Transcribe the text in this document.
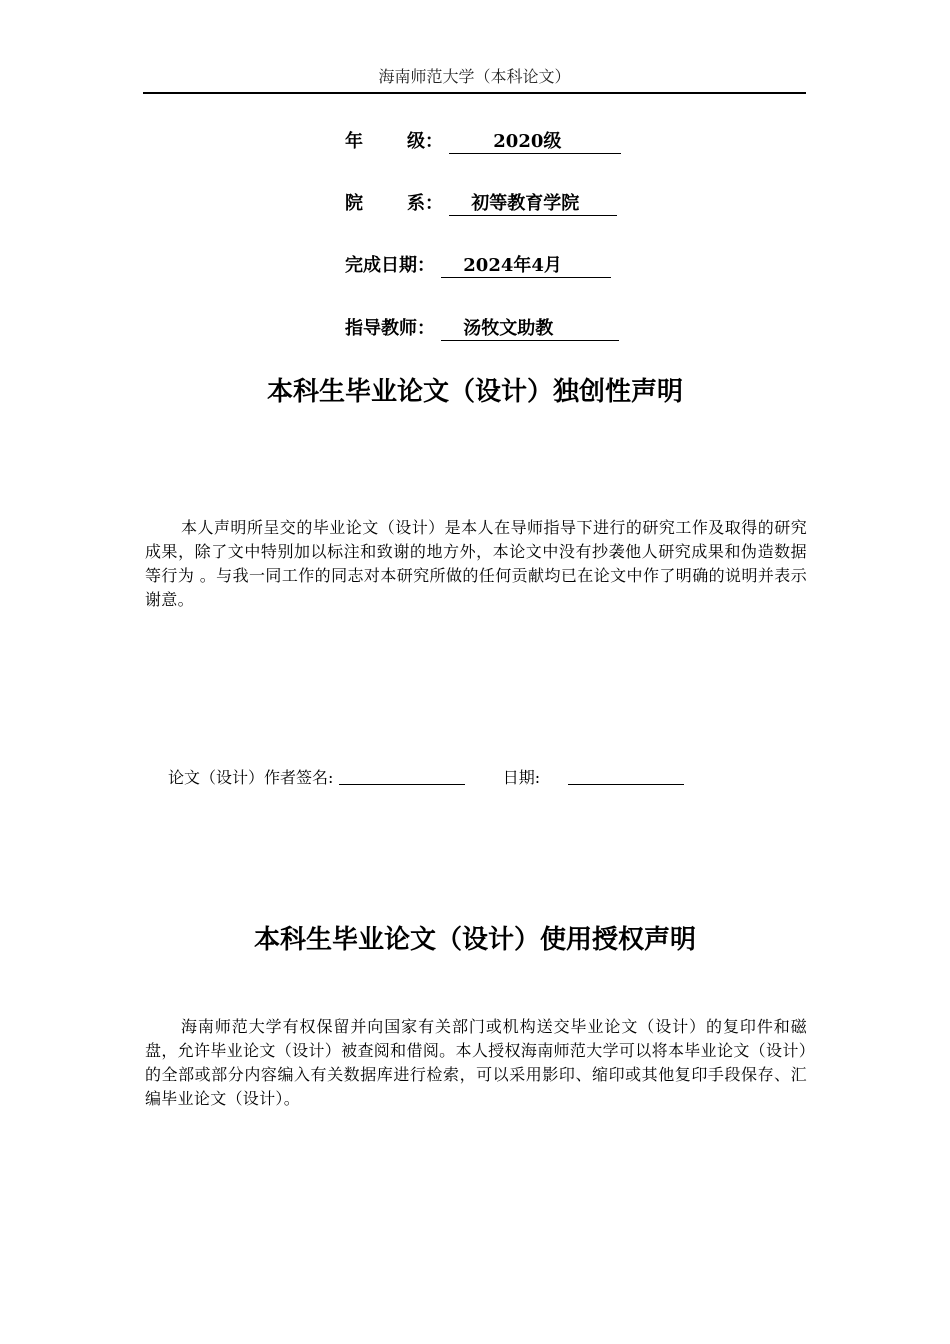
海南师范大学（本科论文）
年 级：	2020级
院 系： 初等教育学院
完成日期： 2024年4月
指导教师： 汤牧文助教
本科生毕业论文（设计）独创性声明
本人声明所呈交的毕业论文（设计）是本人在导师指导下进行的研究工作及取得的研究成果，除了文中特别加以标注和致谢的地方外，本论文中没有抄袭他人研究成果和伪造数据等行为 。与我一同工作的同志对本研究所做的任何贡献均已在论文中作了明确的说明并表示谢意。
论文（设计）作者签名:	日期:
本科生毕业论文（设计）使用授权声明
海南师范大学有权保留并向国家有关部门或机构送交毕业论文（设计）的复印件和磁盘，允许毕业论文（设计）被查阅和借阅。本人授权海南师范大学可以将本毕业论文（设计）的全部或部分内容编入有关数据库进行检索，可以采用影印、缩印或其他复印手段保存、汇编毕业论文（设计）。
